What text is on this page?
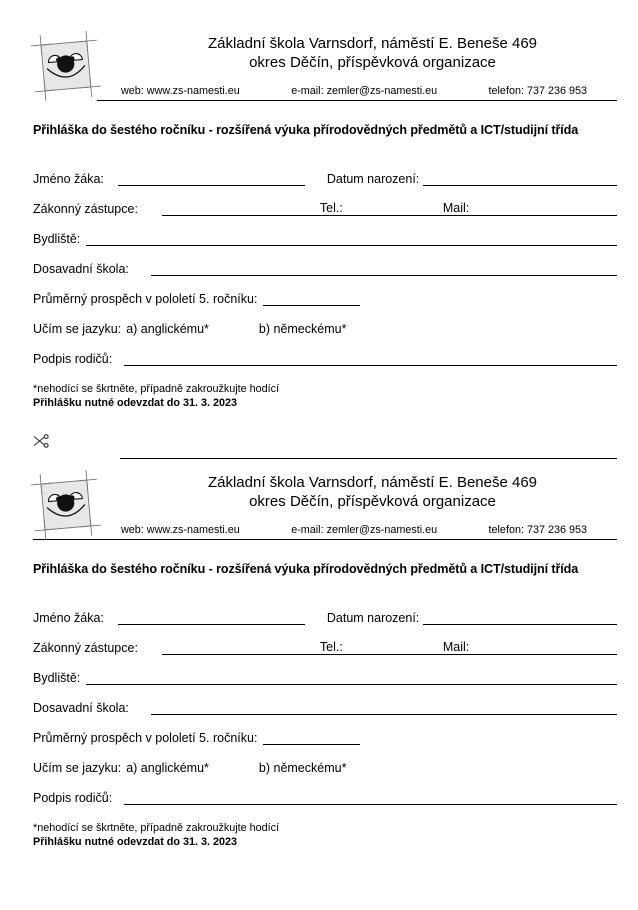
Základní škola Varnsdorf, náměstí E. Beneše 469
okres Děčín, příspěvková organizace
web: www.zs-namesti.eu	e-mail: zemler@zs-namesti.eu	telefon: 737 236 953
Přihláška do šestého ročníku - rozšířená výuka přírodovědných předmětů a ICT/studijní třída
Jméno žáka:	Datum narození:
Zákonný zástupce:	Tel.:	Mail:
Bydliště:
Dosavadní škola:
Průměrný prospěch v pololetí 5. ročníku:
Učím se jazyku: a) anglickému*	b) německému*
Podpis rodičů:
*nehodící se škrtněte, případně zakroužkujte hodící
Přihlášku nutné odevzdat do 31. 3. 2023
Základní škola Varnsdorf, náměstí E. Beneše 469
okres Děčín, příspěvková organizace
web: www.zs-namesti.eu	e-mail: zemler@zs-namesti.eu	telefon: 737 236 953
Přihláška do šestého ročníku - rozšířená výuka přírodovědných předmětů a ICT/studijní třída
Jméno žáka:	Datum narození:
Zákonný zástupce:	Tel.:	Mail:
Bydliště:
Dosavadní škola:
Průměrný prospěch v pololetí 5. ročníku:
Učím se jazyku: a) anglickému*	b) německému*
Podpis rodičů:
*nehodící se škrtněte, případně zakroužkujte hodící
Přihlášku nutné odevzdat do 31. 3. 2023
